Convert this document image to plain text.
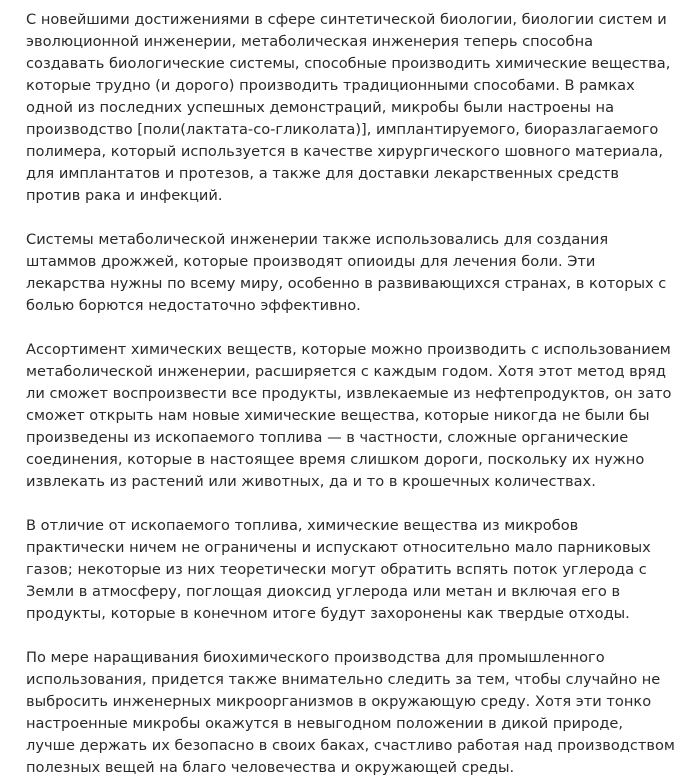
С новейшими достижениями в сфере синтетической биологии, биологии систем и эволюционной инженерии, метаболическая инженерия теперь способна создавать биологические системы, способные производить химические вещества, которые трудно (и дорого) производить традиционными способами. В рамках одной из последних успешных демонстраций, микробы были настроены на производство [поли(лактата-со-гликолата)], имплантируемого, биоразлагаемого полимера, который используется в качестве хирургического шовного материала, для имплантатов и протезов, а также для доставки лекарственных средств против рака и инфекций.

Системы метаболической инженерии также использовались для создания штаммов дрожжей, которые производят опиоиды для лечения боли. Эти лекарства нужны по всему миру, особенно в развивающихся странах, в которых с болью борются недостаточно эффективно.

Ассортимент химических веществ, которые можно производить с использованием метаболической инженерии, расширяется с каждым годом. Хотя этот метод вряд ли сможет воспроизвести все продукты, извлекаемые из нефтепродуктов, он зато сможет открыть нам новые химические вещества, которые никогда не были бы произведены из ископаемого топлива — в частности, сложные органические соединения, которые в настоящее время слишком дороги, поскольку их нужно извлекать из растений или животных, да и то в крошечных количествах.

В отличие от ископаемого топлива, химические вещества из микробов практически ничем не ограничены и испускают относительно мало парниковых газов; некоторые из них теоретически могут обратить вспять поток углерода с Земли в атмосферу, поглощая диоксид углерода или метан и включая его в продукты, которые в конечном итоге будут захоронены как твердые отходы.

По мере наращивания биохимического производства для промышленного использования, придется также внимательно следить за тем, чтобы случайно не выбросить инженерных микроорганизмов в окружающую среду. Хотя эти тонко настроенные микробы окажутся в невыгодном положении в дикой природе, лучше держать их безопасно в своих баках, счастливо работая над производством полезных вещей на благо человечества и окружающей среды.
